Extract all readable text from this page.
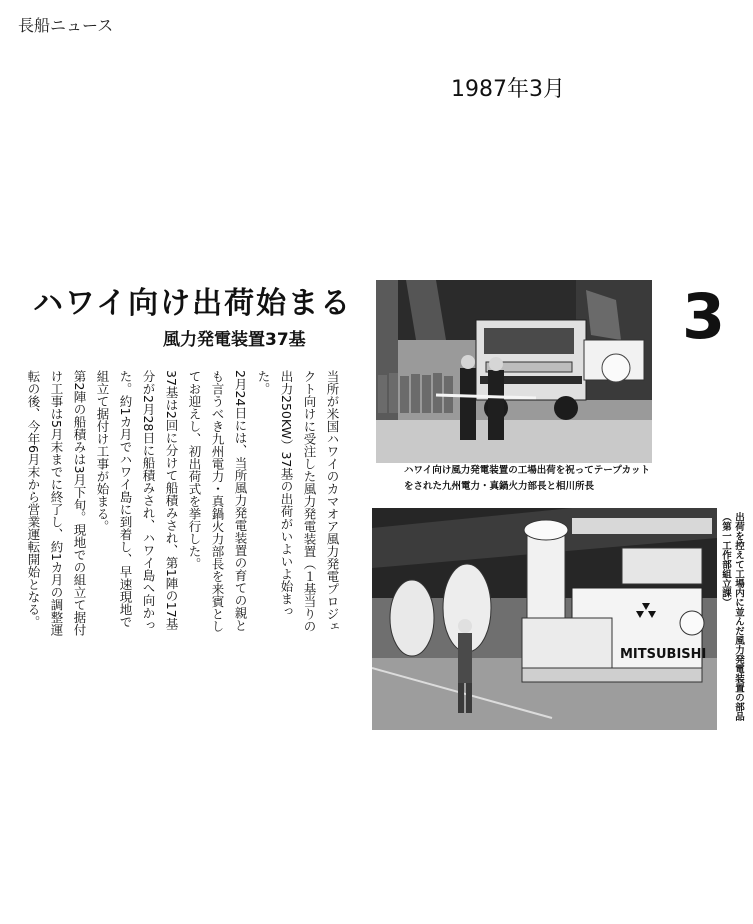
長船ニュース
1987年3月
ハワイ向け出荷始まる
風力発電装置37基	3

当所が米国ハワイのカマオア風力発電プロジェクト向けに受注した風力発電装置（１基当りの出力250KW）37基の出荷がいよいよ始まった。

2月24日には、当所風力発電装置の育ての親とも言うべき九州電力・真鍋火力部長を来賓としてお迎えし、初出荷式を挙行した。

37基は2回に分けて船積みされ、第1陣の17基分が2月28日に船積みされ、ハワイ島へ向かった。約1カ月でハワイ島に到着し、早速現地で組立て据付け工事が始まる。

第2陣の船積みは3月下旬。現地での組立て据付け工事は5月末までに終了し、約1カ月の調整運転の後、今年6月末から営業運転開始となる。	ハワイ向け風力発電装置の工場出荷を祝ってテープカットをされた九州電力・真鍋火力部長と相川所長
MITSUBISHI	出荷を控えて工場内に並んだ風力発電装置の部品（第一工作部組立課）
